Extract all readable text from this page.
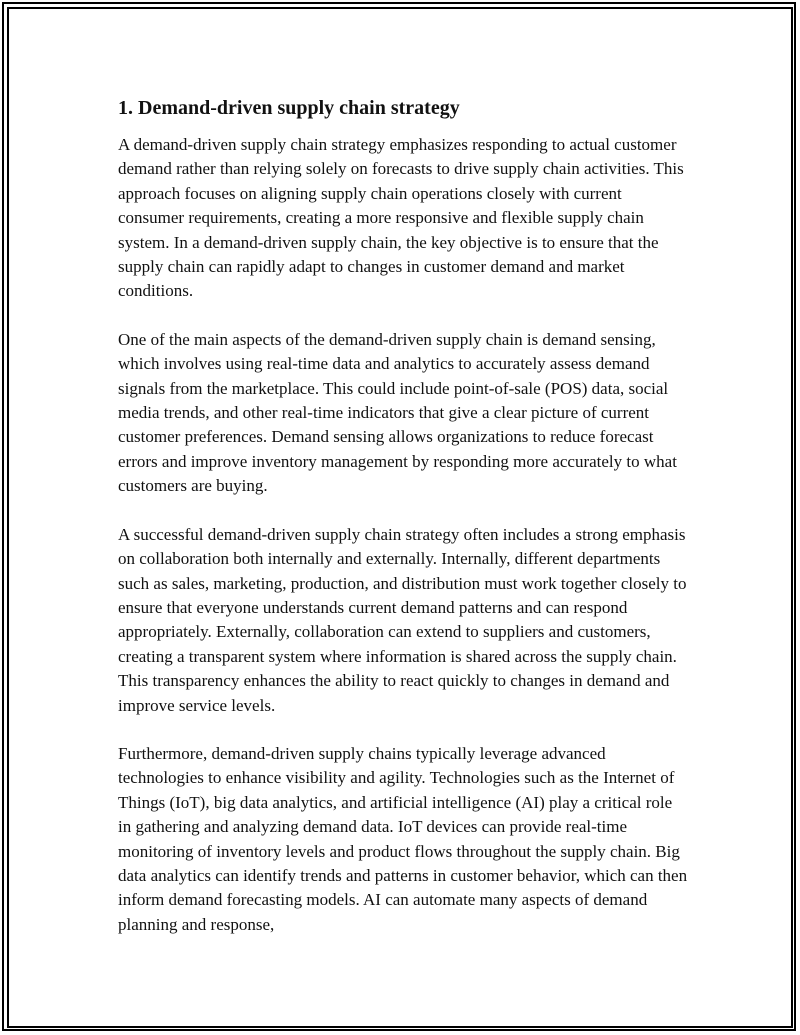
1. Demand-driven supply chain strategy

A demand-driven supply chain strategy emphasizes responding to actual customer demand rather than relying solely on forecasts to drive supply chain activities. This approach focuses on aligning supply chain operations closely with current consumer requirements, creating a more responsive and flexible supply chain system. In a demand-driven supply chain, the key objective is to ensure that the supply chain can rapidly adapt to changes in customer demand and market conditions.

One of the main aspects of the demand-driven supply chain is demand sensing, which involves using real-time data and analytics to accurately assess demand signals from the marketplace. This could include point-of-sale (POS) data, social media trends, and other real-time indicators that give a clear picture of current customer preferences. Demand sensing allows organizations to reduce forecast errors and improve inventory management by responding more accurately to what customers are buying.

A successful demand-driven supply chain strategy often includes a strong emphasis on collaboration both internally and externally. Internally, different departments such as sales, marketing, production, and distribution must work together closely to ensure that everyone understands current demand patterns and can respond appropriately. Externally, collaboration can extend to suppliers and customers, creating a transparent system where information is shared across the supply chain. This transparency enhances the ability to react quickly to changes in demand and improve service levels.

Furthermore, demand-driven supply chains typically leverage advanced technologies to enhance visibility and agility. Technologies such as the Internet of Things (IoT), big data analytics, and artificial intelligence (AI) play a critical role in gathering and analyzing demand data. IoT devices can provide real-time monitoring of inventory levels and product flows throughout the supply chain. Big data analytics can identify trends and patterns in customer behavior, which can then inform demand forecasting models. AI can automate many aspects of demand planning and response,
